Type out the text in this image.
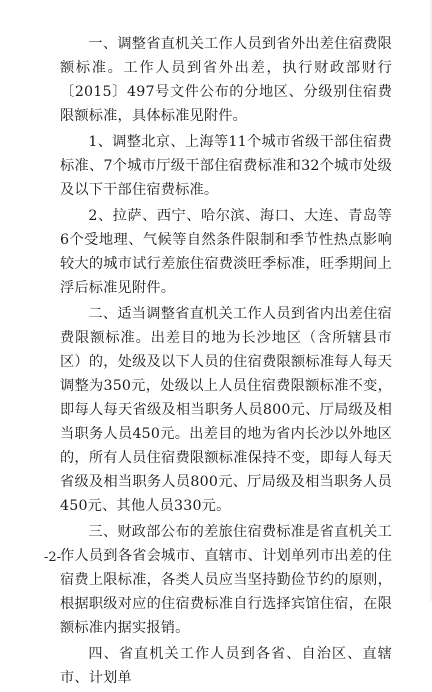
一、调整省直机关工作人员到省外出差住宿费限额标准。工作人员到省外出差，执行财政部财行〔2015〕497号文件公布的分地区、分级别住宿费限额标准，具体标准见附件。

1、调整北京、上海等11个城市省级干部住宿费标准、7个城市厅级干部住宿费标准和32个城市处级及以下干部住宿费标准。

2、拉萨、西宁、哈尔滨、海口、大连、青岛等6个受地理、气候等自然条件限制和季节性热点影响较大的城市试行差旅住宿费淡旺季标准，旺季期间上浮后标准见附件。

二、适当调整省直机关工作人员到省内出差住宿费限额标准。出差目的地为长沙地区（含所辖县市区）的，处级及以下人员的住宿费限额标准每人每天调整为350元，处级以上人员住宿费限额标准不变，即每人每天省级及相当职务人员800元、厅局级及相当职务人员450元。出差目的地为省内长沙以外地区的，所有人员住宿费限额标准保持不变，即每人每天省级及相当职务人员800元、厅局级及相当职务人员450元、其他人员330元。

三、财政部公布的差旅住宿费标准是省直机关工作人员到各省会城市、直辖市、计划单列市出差的住宿费上限标准，各类人员应当坚持勤俭节约的原则，根据职级对应的住宿费标准自行选择宾馆住宿，在限额标准内据实报销。

四、省直机关工作人员到各省、自治区、直辖市、计划单

-2-
